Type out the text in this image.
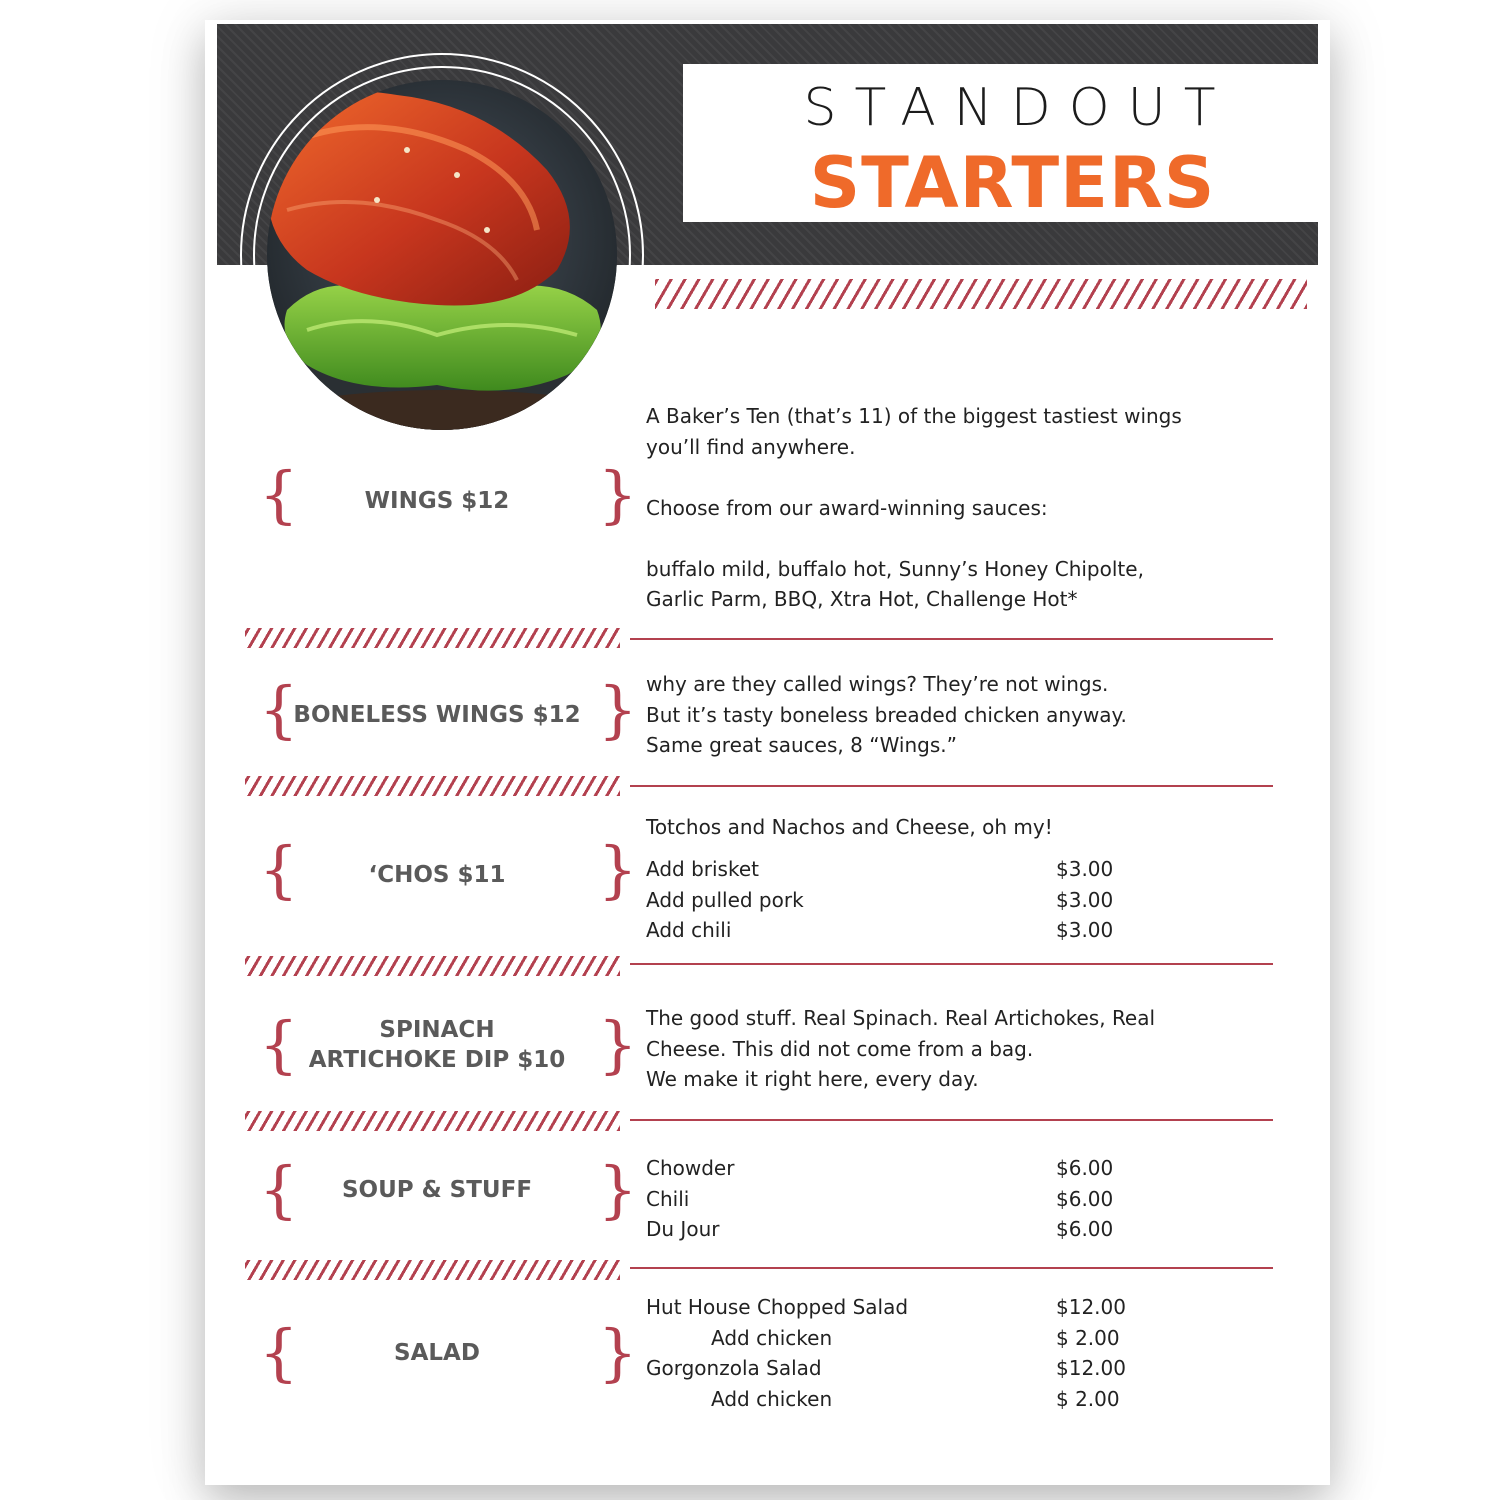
STANDOUT
STARTERS
{	}
WINGS $12

A Baker’s Ten (that’s 11) of the biggest tastiest wings

you’ll find anywhere.

Choose from our award-winning sauces:

buffalo mild, buffalo hot, Sunny’s Honey Chipolte,

Garlic Parm, BBQ, Xtra Hot, Challenge Hot*

{	}
BONELESS WINGS $12

why are they called wings? They’re not wings.

But it’s tasty boneless breaded chicken anyway.

Same great sauces, 8 “Wings.”

{	}
‘CHOS $11
Totchos and Nachos and Cheese, oh my!
Add brisket	$3.00
Add pulled pork	$3.00
Add chili	$3.00
{	}
SPINACH
ARTICHOKE DIP $10

The good stuff. Real Spinach. Real Artichokes, Real

Cheese. This did not come from a bag.

We make it right here, every day.

{	}
SOUP & STUFF
Chowder	$6.00
Chili	$6.00
Du Jour	$6.00
{	}
SALAD
Hut House Chopped Salad	$12.00
Add chicken	$ 2.00
Gorgonzola Salad	$12.00
Add chicken	$ 2.00
